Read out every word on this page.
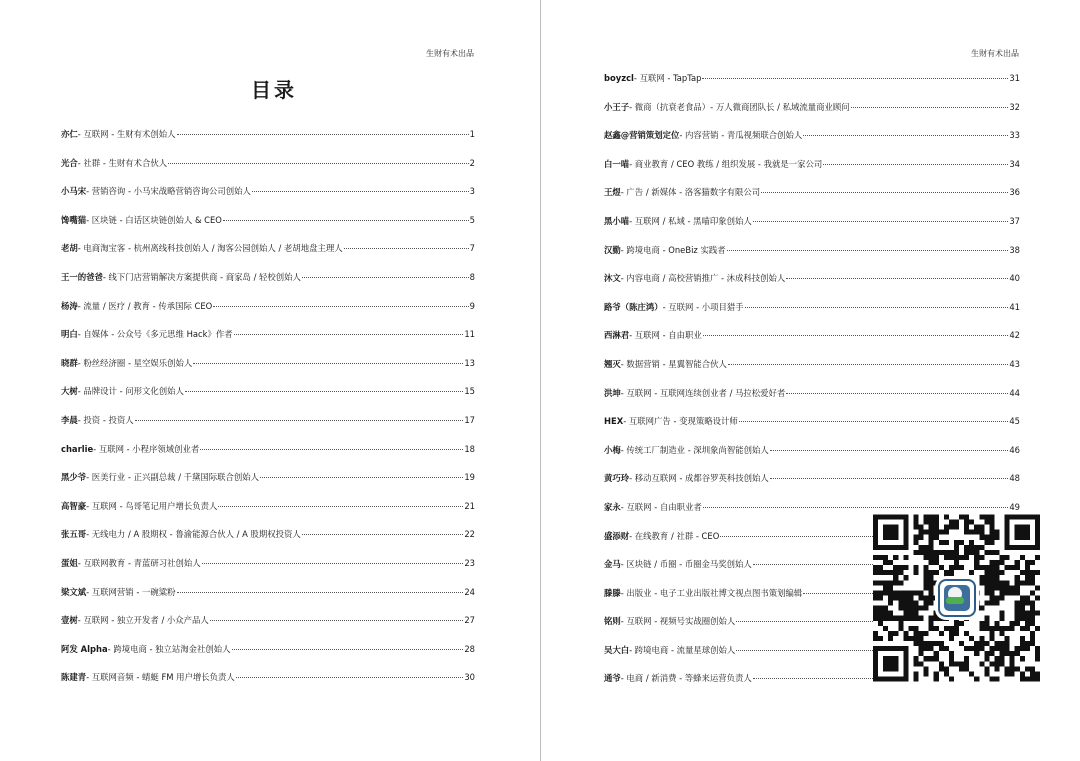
生财有术出品
目录
亦仁 - 互联网 - 生财有术创始人	1
光合 - 社群 - 生财有术合伙人	2
小马宋 - 营销咨询 - 小马宋战略营销咨询公司创始人	3
馋嘴猫 - 区块链 - 白话区块链创始人 & CEO	5
老胡 - 电商淘宝客 - 杭州离线科技创始人 / 淘客公园创始人 / 老胡地盘主理人	7
王一的爸爸 - 线下门店营销解决方案提供商 - 商家岛 / 轻校创始人	8
杨涛 - 流量 / 医疗 / 教育 - 传承国际 CEO	9
明白 - 自媒体 - 公众号《多元思维 Hack》作者	11
晓群 - 粉丝经济圈 - 星空娱乐创始人	13
大树 - 品牌设计 - 问形文化创始人	15
李晨 - 投资 - 投资人	17
charlie - 互联网 - 小程序领域创业者	18
黑少爷 - 医美行业 - 正兴副总裁 / 千黛国际联合创始人	19
高智豪 - 互联网 - 鸟哥笔记用户增长负责人	21
张五哥 - 无线电力 / A 股期权 - 鲁渝能源合伙人 / A 股期权投资人	22
蛋姐 - 互联网教育 - 青蓝研习社创始人	23
梁文斌 - 互联网营销 - 一碗粱粉	24
壹树 - 互联网 - 独立开发者 / 小众产品人	27
阿发 Alpha - 跨境电商 - 独立站淘金社创始人	28
陈建青 - 互联网音频 - 蜻蜓 FM 用户增长负责人	30
生财有术出品
boyzcl - 互联网 - TapTap	31
小王子 - 微商（抗衰老食品）- 万人微商团队长 / 私域流量商业顾问	32
赵鑫@营销策划定位 - 内容营销 - 青瓜视频联合创始人	33
白一喵 - 商业教育 / CEO 教练 / 组织发展 - 我就是一家公司	34
王煜 - 广告 / 新媒体 - 洛客猫数字有限公司	36
黑小喵 - 互联网 / 私域 - 黑喵印象创始人	37
汉勤 - 跨境电商 - OneBiz 实践者	38
沐文 - 内容电商 / 高校营销推广 - 沐成科技创始人	40
路爷（陈庄鸿） - 互联网 - 小项目猎手	41
西淋君 - 互联网 - 自由职业	42
翘灭 - 数据营销 - 星翼智能合伙人	43
洪坤 - 互联网 - 互联网连续创业者 / 马拉松爱好者	44
HEX - 互联网广告 - 变现策略设计师	45
小梅 - 传统工厂制造业 - 深圳象尚智能创始人	46
黄巧玲 - 移动互联网 - 成都谷罗英科技创始人	48
家永 - 互联网 - 自由职业者	49
盛添财 - 在线教育 / 社群 - CEO
金马 - 区块链 / 币圈 - 币圈金马奖创始人
滕滕 - 出版业 - 电子工业出版社博文视点图书策划编辑
铭则 - 互联网 - 视频号实战圈创始人
吴大白 - 跨境电商 - 流量星球创始人
通爷 - 电商 / 新消费 - 等蜂来运营负责人
